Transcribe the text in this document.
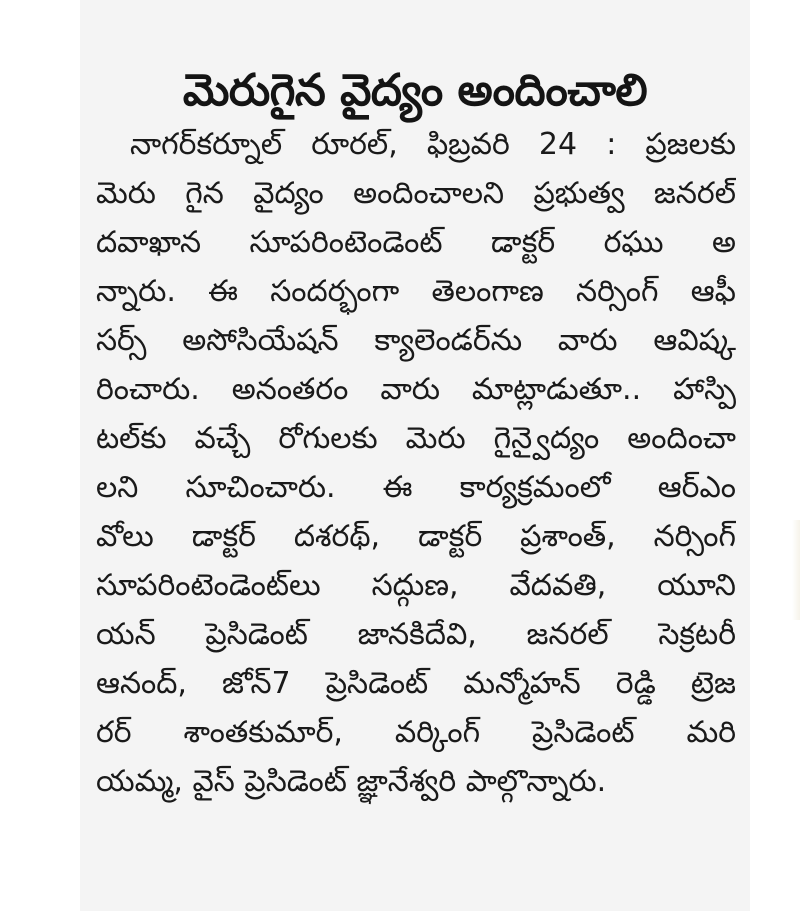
మెరుగైన వైద్యం అందించాలి
నాగర్‌కర్నూల్ రూరల్, ఫిబ్రవరి 24 : ప్రజలకు
మెరు గైన వైద్యం అందించాలని ప్రభుత్వ జనరల్
దవాఖాన సూపరింటెండెంట్ డాక్టర్ రఘు అ
న్నారు. ఈ సందర్భంగా తెలంగాణ నర్సింగ్ ఆఫీ
సర్స్ అసోసియేషన్ క్యాలెండర్‌ను వారు ఆవిష్క
రించారు. అనంతరం వారు మాట్లాడుతూ.. హాస్పి
టల్‌కు వచ్చే రోగులకు మెరు గైన్వైద్యం అందించా
లని సూచించారు. ఈ కార్యక్రమంలో ఆర్ఎం
వోలు డాక్టర్ దశరథ్, డాక్టర్ ప్రశాంత్, నర్సింగ్
సూపరింటెండెంట్‌లు సద్గుణ, వేదవతి, యూని
యన్ ప్రెసిడెంట్ జానకిదేవి, జనరల్ సెక్రటరీ
ఆనంద్, జోన్7 ప్రెసిడెంట్ మన్మోహన్ రెడ్డి ట్రెజ
రర్ శాంతకుమార్, వర్కింగ్ ప్రెసిడెంట్ మరి
యమ్మ, వైస్ ప్రెసిడెంట్ జ్ఞానేశ్వరి పాల్గొన్నారు.
